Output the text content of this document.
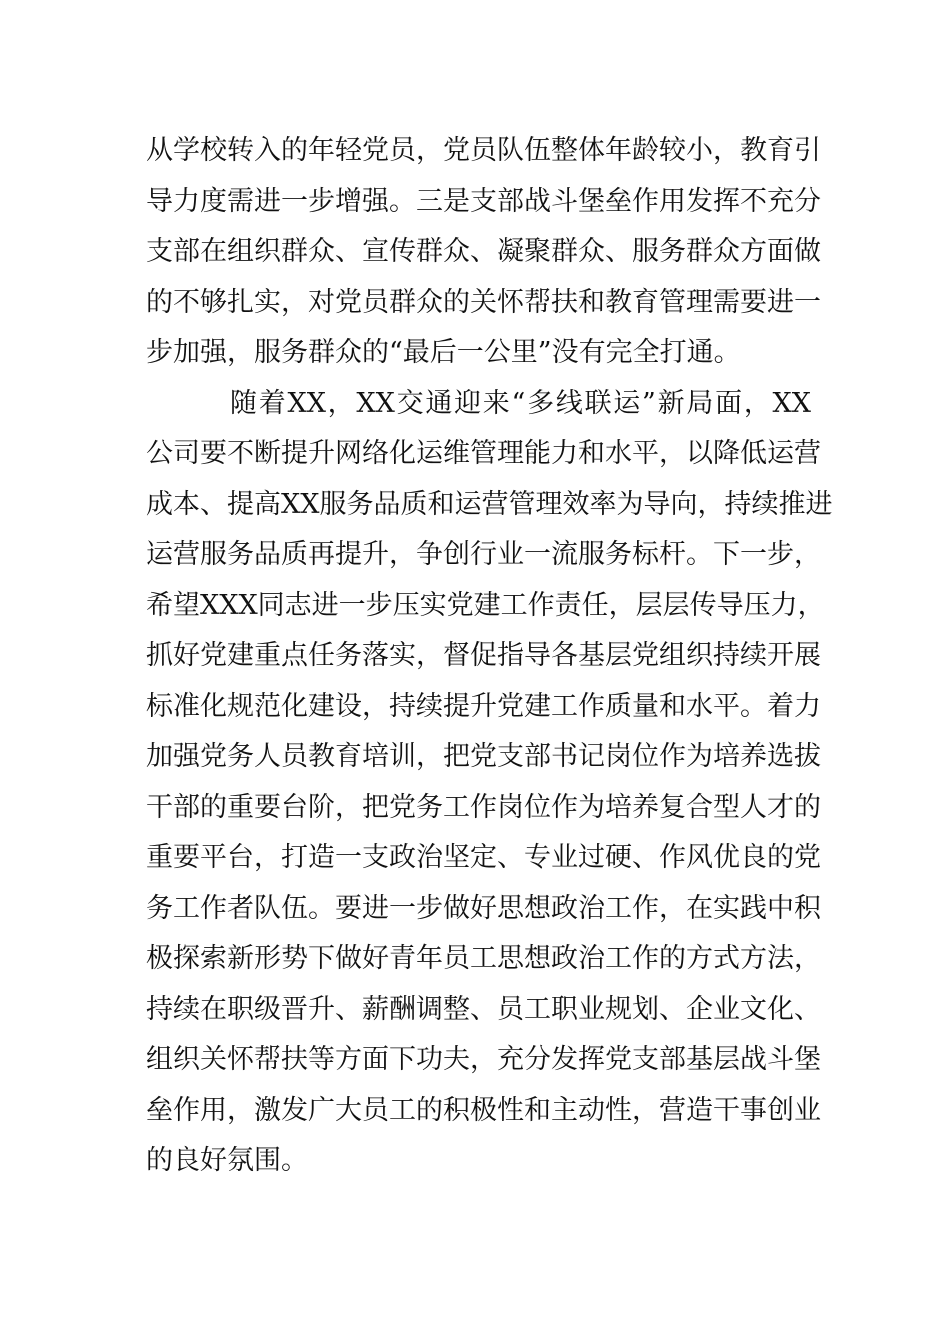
从学校转入的年轻党员，党员队伍整体年龄较小，教育引
导力度需进一步增强。三是支部战斗堡垒作用发挥不充分
支部在组织群众、宣传群众、凝聚群众、服务群众方面做
的不够扎实，对党员群众的关怀帮扶和教育管理需要进一
步加强，服务群众的“最后一公里”没有完全打通。
随着XX，XX交通迎来“多线联运”新局面，XX
公司要不断提升网络化运维管理能力和水平，以降低运营
成本、提高XX服务品质和运营管理效率为导向，持续推进
运营服务品质再提升，争创行业一流服务标杆。下一步，
希望XXX同志进一步压实党建工作责任，层层传导压力，
抓好党建重点任务落实，督促指导各基层党组织持续开展
标准化规范化建设，持续提升党建工作质量和水平。着力
加强党务人员教育培训，把党支部书记岗位作为培养选拔
干部的重要台阶，把党务工作岗位作为培养复合型人才的
重要平台，打造一支政治坚定、专业过硬、作风优良的党
务工作者队伍。要进一步做好思想政治工作，在实践中积
极探索新形势下做好青年员工思想政治工作的方式方法，
持续在职级晋升、薪酬调整、员工职业规划、企业文化、
组织关怀帮扶等方面下功夫，充分发挥党支部基层战斗堡
垒作用，激发广大员工的积极性和主动性，营造干事创业
的良好氛围。
